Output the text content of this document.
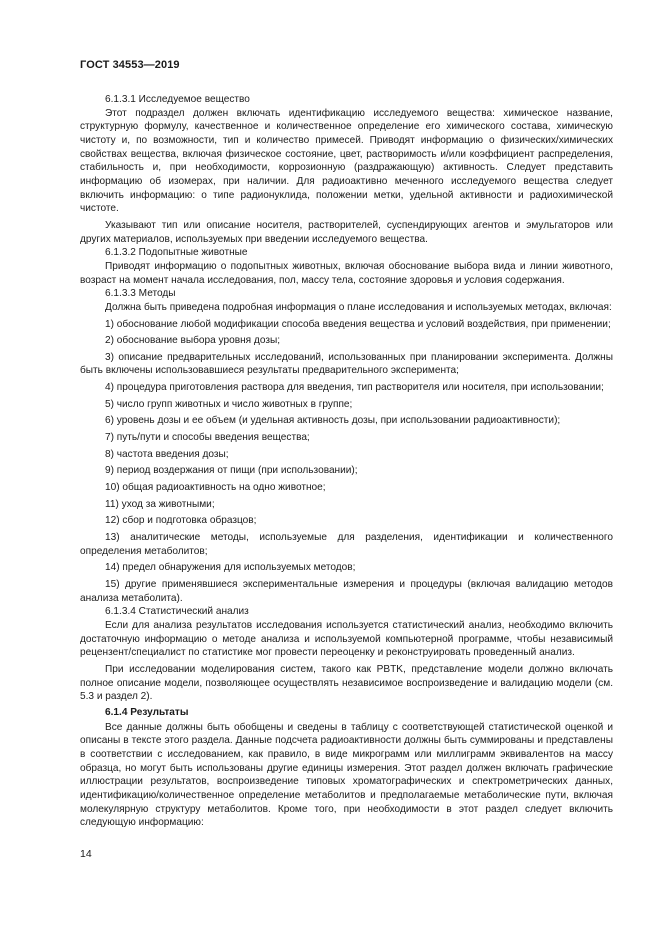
ГОСТ 34553—2019

6.1.3.1 Исследуемое вещество

Этот подраздел должен включать идентификацию исследуемого вещества: химическое название, структурную формулу, качественное и количественное определение его химического состава, химическую чистоту и, по возможности, тип и количество примесей. Приводят информацию о физических/химических свойствах вещества, включая физическое состояние, цвет, растворимость и/или коэффициент распределения, стабильность и, при необходимости, коррозионную (раздражающую) активность. Следует представить информацию об изомерах, при наличии. Для радиоактивно меченного исследуемого вещества следует включить информацию: о типе радионуклида, положении метки, удельной активности и радиохимической чистоте.

Указывают тип или описание носителя, растворителей, суспендирующих агентов и эмульгаторов или других материалов, используемых при введении исследуемого вещества.

6.1.3.2 Подопытные животные

Приводят информацию о подопытных животных, включая обоснование выбора вида и линии животного, возраст на момент начала исследования, пол, массу тела, состояние здоровья и условия содержания.

6.1.3.3 Методы

Должна быть приведена подробная информация о плане исследования и используемых методах, включая:

1) обоснование любой модификации способа введения вещества и условий воздействия, при применении;

2) обоснование выбора уровня дозы;

3) описание предварительных исследований, использованных при планировании эксперимента. Должны быть включены использовавшиеся результаты предварительного эксперимента;

4) процедура приготовления раствора для введения, тип растворителя или носителя, при использовании;

5) число групп животных и число животных в группе;

6) уровень дозы и ее объем (и удельная активность дозы, при использовании радиоактивности);

7) путь/пути и способы введения вещества;

8) частота введения дозы;

9) период воздержания от пищи (при использовании);

10) общая радиоактивность на одно животное;

11) уход за животными;

12) сбор и подготовка образцов;

13) аналитические методы, используемые для разделения, идентификации и количественного определения метаболитов;

14) предел обнаружения для используемых методов;

15) другие применявшиеся экспериментальные измерения и процедуры (включая валидацию методов анализа метаболита).

6.1.3.4 Статистический анализ

Если для анализа результатов исследования используется статистический анализ, необходимо включить достаточную информацию о методе анализа и используемой компьютерной программе, чтобы независимый рецензент/специалист по статистике мог провести переоценку и реконструировать проведенный анализ.

При исследовании моделирования систем, такого как PBTK, представление модели должно включать полное описание модели, позволяющее осуществлять независимое воспроизведение и валидацию модели (см. 5.3 и раздел 2).

6.1.4 Результаты

Все данные должны быть обобщены и сведены в таблицу с соответствующей статистической оценкой и описаны в тексте этого раздела. Данные подсчета радиоактивности должны быть суммированы и представлены в соответствии с исследованием, как правило, в виде микрограмм или миллиграмм эквивалентов на массу образца, но могут быть использованы другие единицы измерения. Этот раздел должен включать графические иллюстрации результатов, воспроизведение типовых хроматографических и спектрометрических данных, идентификацию/количественное определение метаболитов и предполагаемые метаболические пути, включая молекулярную структуру метаболитов. Кроме того, при необходимости в этот раздел следует включить следующую информацию:

14
